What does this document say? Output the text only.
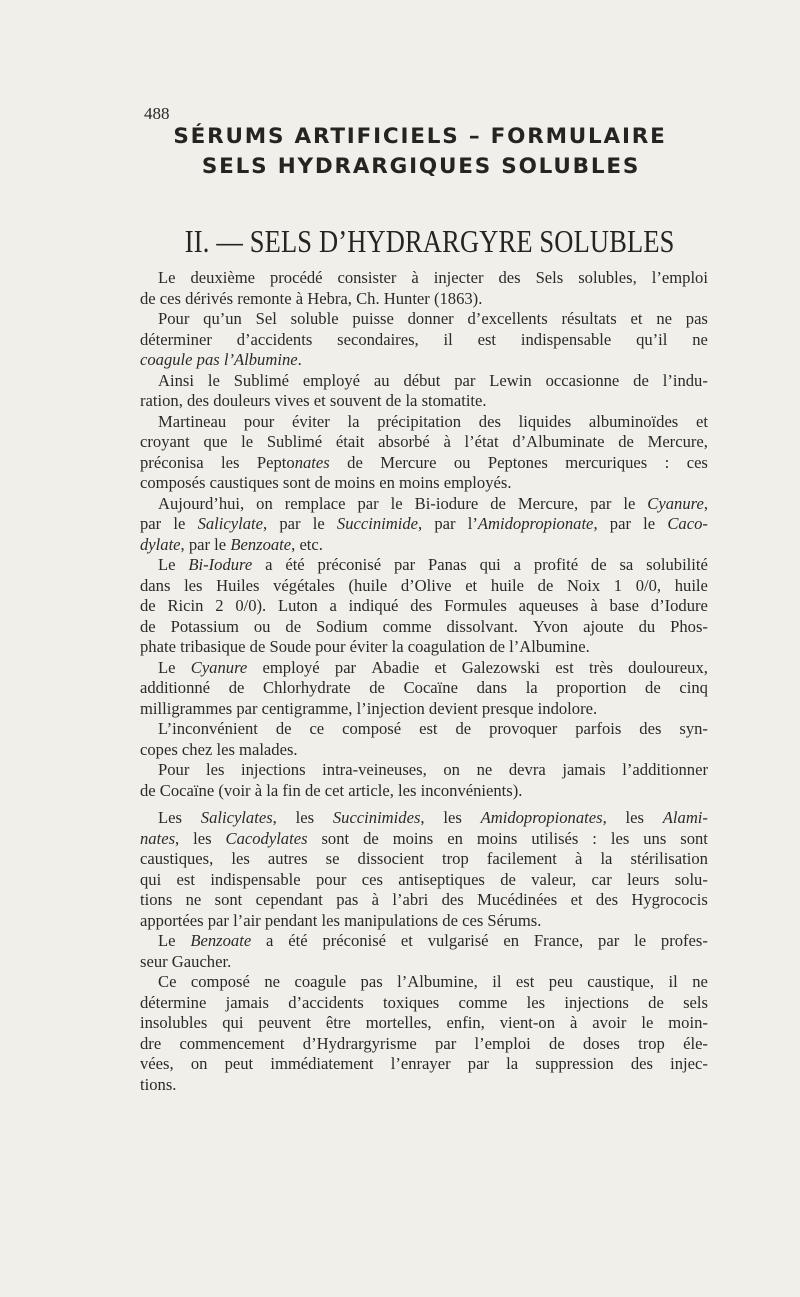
488
SÉRUMS ARTIFICIELS – FORMULAIRE
SELS HYDRARGIQUES SOLUBLES
II. — SELS D’HYDRARGYRE SOLUBLES
Le deuxième procédé consister à injecter des Sels solubles, l’emploi
de ces dérivés remonte à Hebra, Ch. Hunter (1863).
Pour qu’un Sel soluble puisse donner d’excellents résultats et ne pas
déterminer d’accidents secondaires, il est indispensable qu’il ne
coagule pas l’Albumine .
Ainsi le Sublimé employé au début par Lewin occasionne de l’indu-
ration, des douleurs vives et souvent de la stomatite.
Martineau pour éviter la précipitation des liquides albuminoïdes et
croyant que le Sublimé était absorbé à l’état d’Albuminate de Mercure,
préconisa les Peptonates de Mercure ou Peptones mercuriques : ces
composés caustiques sont de moins en moins employés.
Aujourd’hui, on remplace par le Bi-iodure de Mercure, par le Cyanure,
par le Salicylate, par le Succinimide, par l’Amidopropionate, par le Caco-
dylate , par le Benzoate , etc.
Le Bi-Iodure a été préconisé par Panas qui a profité de sa solubilité
dans les Huiles végétales (huile d’Olive et huile de Noix 1 0/0, huile
de Ricin 2 0/0). Luton a indiqué des Formules aqueuses à base d’Iodure
de Potassium ou de Sodium comme dissolvant. Yvon ajoute du Phos-
phate tribasique de Soude pour éviter la coagulation de l’Albumine.
Le Cyanure employé par Abadie et Galezowski est très douloureux,
additionné de Chlorhydrate de Cocaïne dans la proportion de cinq
milligrammes par centigramme, l’injection devient presque indolore.
L’inconvénient de ce composé est de provoquer parfois des syn-
copes chez les malades.
Pour les injections intra-veineuses, on ne devra jamais l’additionner
de Cocaïne (voir à la fin de cet article, les inconvénients).
Les Salicylates, les Succinimides, les Amidopropionates, les Alami-
nates, les Cacodylates sont de moins en moins utilisés : les uns sont
caustiques, les autres se dissocient trop facilement à la stérilisation
qui est indispensable pour ces antiseptiques de valeur, car leurs solu-
tions ne sont cependant pas à l’abri des Mucédinées et des Hygrococis
apportées par l’air pendant les manipulations de ces Sérums.
Le Benzoate a été préconisé et vulgarisé en France, par le profes-
seur Gaucher.
Ce composé ne coagule pas l’Albumine, il est peu caustique, il ne
détermine jamais d’accidents toxiques comme les injections de sels
insolubles qui peuvent être mortelles, enfin, vient-on à avoir le moin-
dre commencement d’Hydrargyrisme par l’emploi de doses trop éle-
vées, on peut immédiatement l’enrayer par la suppression des injec-
tions.
